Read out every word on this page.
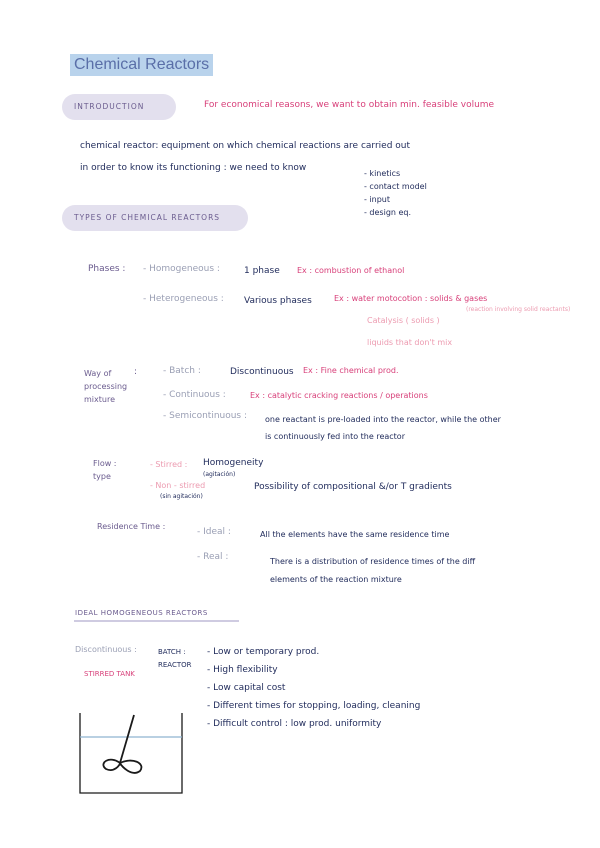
Chemical Reactors
INTRODUCTION	For economical reasons, we want to obtain min. feasible volume
chemical reactor: equipment on which chemical reactions are carried out
in order to know its functioning : we need to know
- kinetics
- contact model
- input
- design eq.
TYPES OF CHEMICAL REACTORS
Phases : - Homogeneous :	1 phase Ex : combustion of ethanol
- Heterogeneous : Various phases	Ex : water motocotion : solids & gases
(reaction involving solid reactants)
Catalysis ( solids )
liquids that don't mix
Way of
processing
mixture
:	- Batch :	Discontinuous Ex : Fine chemical prod.
- Continuous :	Ex : catalytic cracking reactions / operations
- Semicontinuous : one reactant is pre-loaded into the reactor, while the other
is continuously fed into the reactor
Flow :
type
- Stirred :
(agitación)
Homogeneity
- Non - stirred
(sin agitación)
Possibility of compositional &/or T gradients
Residence Time :
- Ideal :	All the elements have the same residence time
- Real :	There is a distribution of residence times of the diff
elements of the reaction mixture
IDEAL HOMOGENEOUS REACTORS
Discontinuous :	BATCH :
REACTOR
STIRRED TANK
- Low or temporary prod.
- High flexibility
- Low capital cost
- Different times for stopping, loading, cleaning
- Difficult control : low prod. uniformity
